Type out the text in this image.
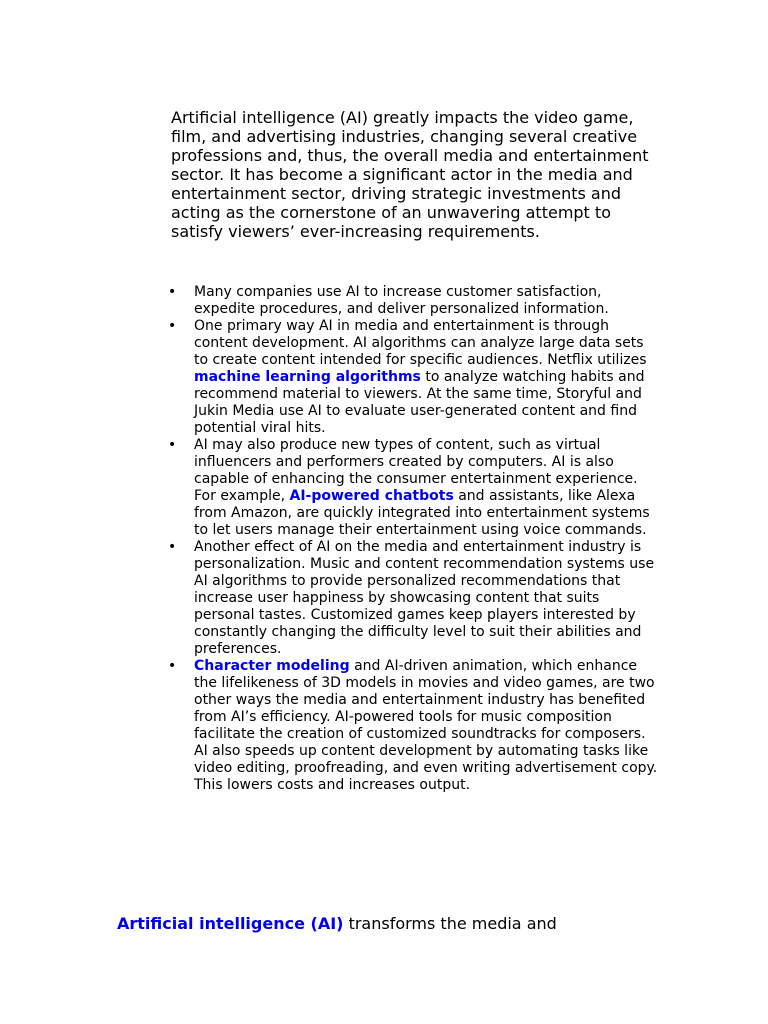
Artificial intelligence (AI) greatly impacts the video game, film, and advertising industries, changing several creative professions and, thus, the overall media and entertainment sector. It has become a significant actor in the media and entertainment sector, driving strategic investments and acting as the cornerstone of an unwavering attempt to satisfy viewers’ ever-increasing requirements.

• Many companies use AI to increase customer satisfaction, expedite procedures, and deliver personalized information.
• One primary way AI in media and entertainment is through content development. AI algorithms can analyze large data sets to create content intended for specific audiences. Netflix utilizes machine learning algorithms to analyze watching habits and recommend material to viewers. At the same time, Storyful and Jukin Media use AI to evaluate user-generated content and find potential viral hits.
• AI may also produce new types of content, such as virtual influencers and performers created by computers. AI is also capable of enhancing the consumer entertainment experience. For example, AI-powered chatbots and assistants, like Alexa from Amazon, are quickly integrated into entertainment systems to let users manage their entertainment using voice commands.
• Another effect of AI on the media and entertainment industry is personalization. Music and content recommendation systems use AI algorithms to provide personalized recommendations that increase user happiness by showcasing content that suits personal tastes. Customized games keep players interested by constantly changing the difficulty level to suit their abilities and preferences.
• Character modeling and AI-driven animation, which enhance the lifelikeness of 3D models in movies and video games, are two other ways the media and entertainment industry has benefited from AI’s efficiency. AI-powered tools for music composition facilitate the creation of customized soundtracks for composers. AI also speeds up content development by automating tasks like video editing, proofreading, and even writing advertisement copy. This lowers costs and increases output.

Artificial intelligence (AI) transforms the media and
